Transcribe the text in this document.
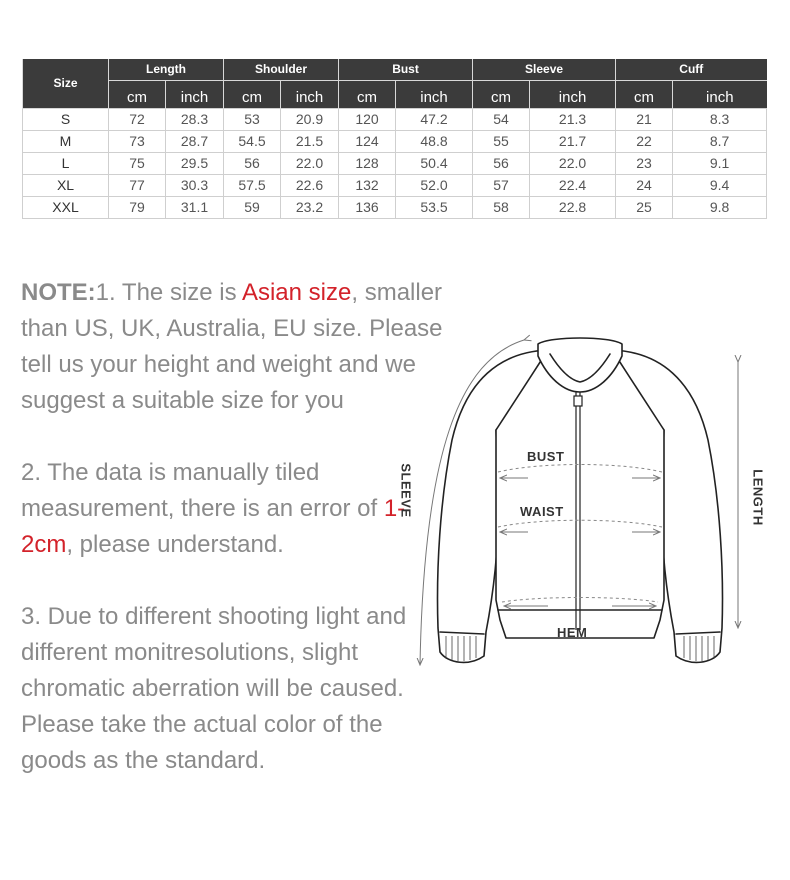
Size	Length		Shoulder		Bust		Sleeve		Cuff	
	cm	inch	cm	inch	cm	inch	cm	inch	cm	inch
S	72	28.3	53	20.9	120	47.2	54	21.3	21	8.3
M	73	28.7	54.5	21.5	124	48.8	55	21.7	22	8.7
L	75	29.5	56	22.0	128	50.4	56	22.0	23	9.1
XL	77	30.3	57.5	22.6	132	52.0	57	22.4	24	9.4
XXL	79	31.1	59	23.2	136	53.5	58	22.8	25	9.8
NOTE:1. The size is Asian size, smaller than US, UK, Australia, EU size. Please tell us your height and weight and we suggest a suitable size for you
2. The data is manually tiled measurement, there is an error of 1-2cm, please understand.
3. Due to different shooting light and different monitresolutions, slight chromatic aberration will be caused. Please take the actual color of the goods as the standard.
BUST
WAIST
HEM
SLEEVE	LENGTH
